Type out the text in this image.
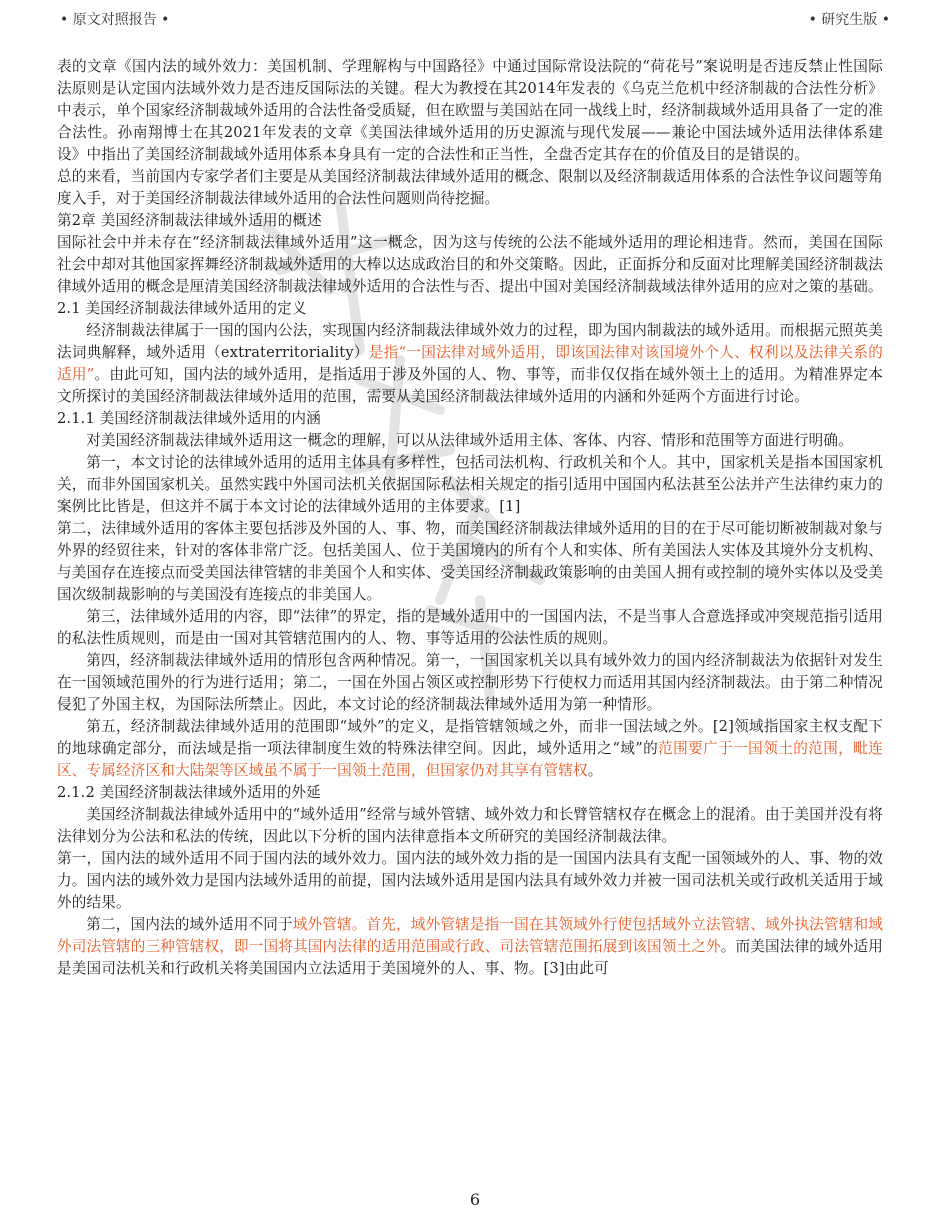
• 原文对照报告 •	• 研究生版 •

表的文章《国内法的域外效力：美国机制、学理解构与中国路径》中通过国际常设法院的“荷花号”案说明是否违反禁止性国际法原则是认定国内法域外效力是否违反国际法的关键。程大为教授在其2014年发表的《乌克兰危机中经济制裁的合法性分析》中表示，单个国家经济制裁域外适用的合法性备受质疑，但在欧盟与美国站在同一战线上时，经济制裁域外适用具备了一定的准合法性。孙南翔博士在其2021年发表的文章《美国法律域外适用的历史源流与现代发展——兼论中国法域外适用法律体系建设》中指出了美国经济制裁域外适用体系本身具有一定的合法性和正当性，全盘否定其存在的价值及目的是错误的。

总的来看，当前国内专家学者们主要是从美国经济制裁法律域外适用的概念、限制以及经济制裁适用体系的合法性争议问题等角度入手，对于美国经济制裁法律域外适用的合法性问题则尚待挖掘。

第2章 美国经济制裁法律域外适用的概述

国际社会中并未存在“经济制裁法律域外适用”这一概念，因为这与传统的公法不能域外适用的理论相违背。然而，美国在国际社会中却对其他国家挥舞经济制裁域外适用的大棒以达成政治目的和外交策略。因此，正面拆分和反面对比理解美国经济制裁法律域外适用的概念是厘清美国经济制裁法律域外适用的合法性与否、提出中国对美国经济制裁域法律外适用的应对之策的基础。

2.1 美国经济制裁法律域外适用的定义

经济制裁法律属于一国的国内公法，实现国内经济制裁法律域外效力的过程，即为国内制裁法的域外适用。而根据元照英美法词典解释，域外适用（extraterritoriality）是指“一国法律对域外适用，即该国法律对该国境外个人、权利以及法律关系的适用”。由此可知，国内法的域外适用，是指适用于涉及外国的人、物、事等，而非仅仅指在域外领土上的适用。为精准界定本文所探讨的美国经济制裁法律域外适用的范围，需要从美国经济制裁法律域外适用的内涵和外延两个方面进行讨论。

2.1.1 美国经济制裁法律域外适用的内涵

对美国经济制裁法律域外适用这一概念的理解，可以从法律域外适用主体、客体、内容、情形和范围等方面进行明确。

第一，本文讨论的法律域外适用的适用主体具有多样性，包括司法机构、行政机关和个人。其中，国家机关是指本国国家机关，而非外国国家机关。虽然实践中外国司法机关依据国际私法相关规定的指引适用中国国内私法甚至公法并产生法律约束力的案例比比皆是，但这并不属于本文讨论的法律域外适用的主体要求。[1]

第二，法律域外适用的客体主要包括涉及外国的人、事、物，而美国经济制裁法律域外适用的目的在于尽可能切断被制裁对象与外界的经贸往来，针对的客体非常广泛。包括美国人、位于美国境内的所有个人和实体、所有美国法人实体及其境外分支机构、与美国存在连接点而受美国法律管辖的非美国个人和实体、受美国经济制裁政策影响的由美国人拥有或控制的境外实体以及受美国次级制裁影响的与美国没有连接点的非美国人。

第三，法律域外适用的内容，即“法律”的界定，指的是域外适用中的一国国内法，不是当事人合意选择或冲突规范指引适用的私法性质规则，而是由一国对其管辖范围内的人、物、事等适用的公法性质的规则。

第四，经济制裁法律域外适用的情形包含两种情况。第一，一国国家机关以具有域外效力的国内经济制裁法为依据针对发生在一国领域范围外的行为进行适用；第二，一国在外国占领区或控制形势下行使权力而适用其国内经济制裁法。由于第二种情况侵犯了外国主权，为国际法所禁止。因此，本文讨论的经济制裁法律域外适用为第一种情形。

第五，经济制裁法律域外适用的范围即“域外”的定义，是指管辖领域之外，而非一国法域之外。[2]领域指国家主权支配下的地球确定部分，而法域是指一项法律制度生效的特殊法律空间。因此，域外适用之“域”的范围要广于一国领土的范围，毗连区、专属经济区和大陆架等区域虽不属于一国领土范围，但国家仍对其享有管辖权。

2.1.2 美国经济制裁法律域外适用的外延

美国经济制裁法律域外适用中的“域外适用”经常与域外管辖、域外效力和长臂管辖权存在概念上的混淆。由于美国并没有将法律划分为公法和私法的传统，因此以下分析的国内法律意指本文所研究的美国经济制裁法律。

第一，国内法的域外适用不同于国内法的域外效力。国内法的域外效力指的是一国国内法具有支配一国领域外的人、事、物的效力。国内法的域外效力是国内法域外适用的前提，国内法域外适用是国内法具有域外效力并被一国司法机关或行政机关适用于域外的结果。

第二，国内法的域外适用不同于域外管辖。首先，域外管辖是指一国在其领域外行使包括域外立法管辖、域外执法管辖和域外司法管辖的三种管辖权，即一国将其国内法律的适用范围或行政、司法管辖范围拓展到该国领土之外。而美国法律的域外适用是美国司法机关和行政机关将美国国内立法适用于美国境外的人、事、物。[3]由此可

6
